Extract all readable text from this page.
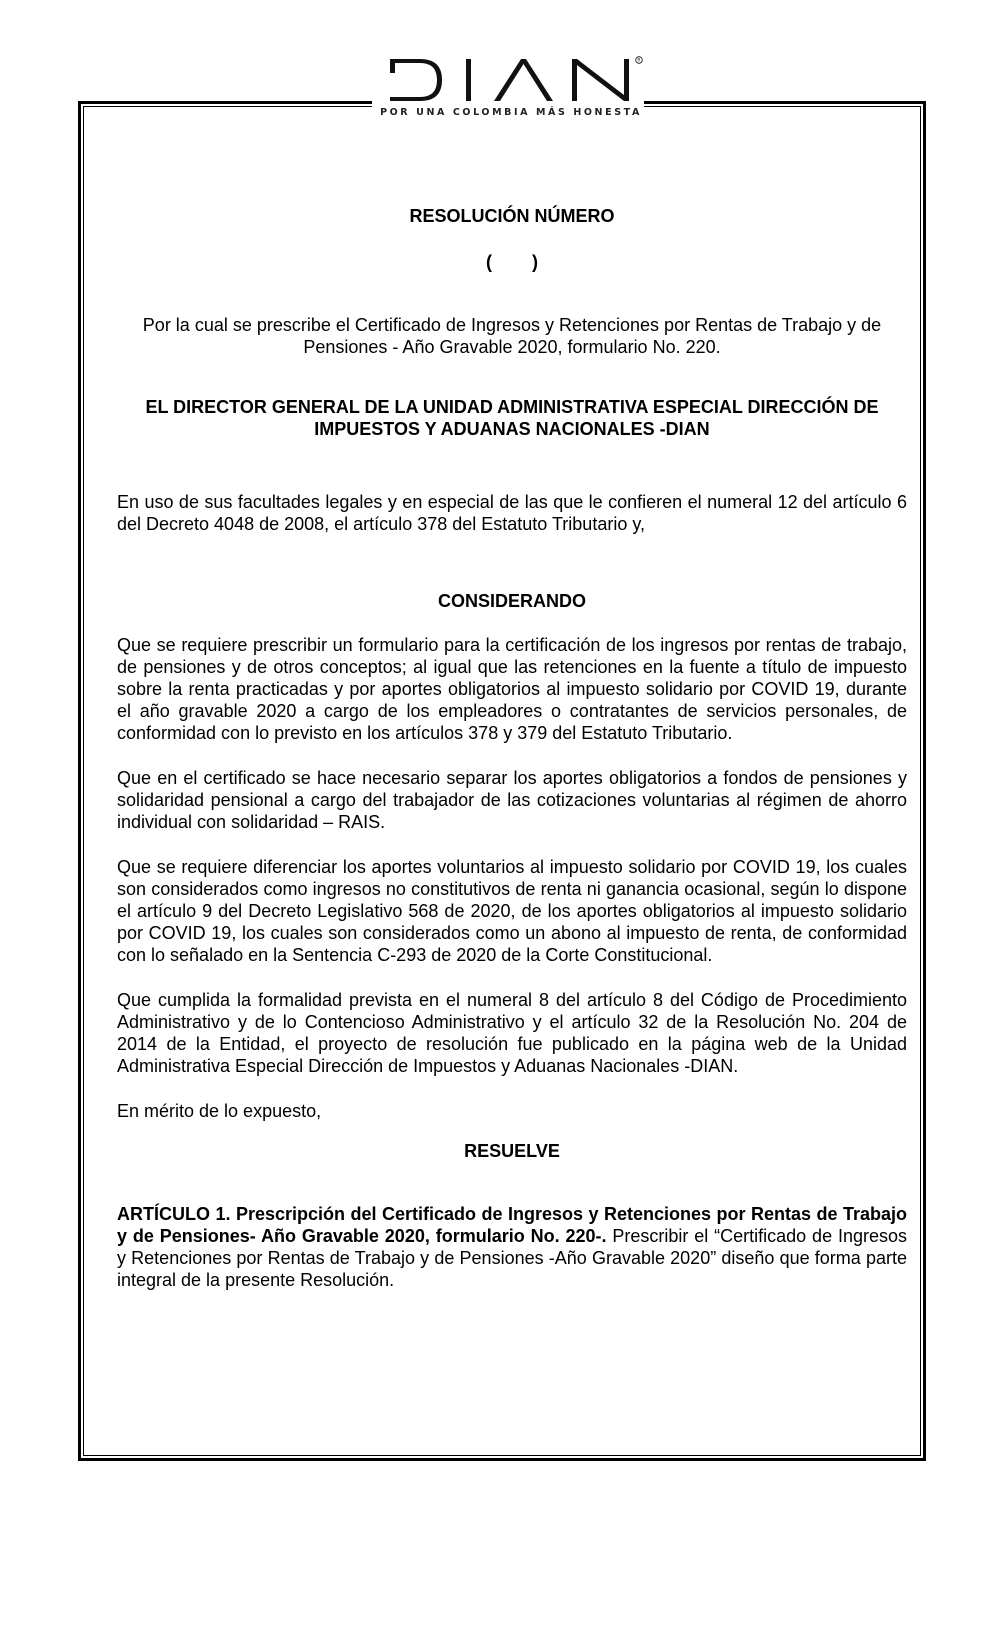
R
POR UNA COLOMBIA MÁS HONESTA

RESOLUCIÓN NÚMERO

(        )

Por la cual se prescribe el Certificado de Ingresos y Retenciones por Rentas de Trabajo y de Pensiones - Año Gravable 2020, formulario No. 220.

EL DIRECTOR GENERAL DE LA UNIDAD ADMINISTRATIVA ESPECIAL DIRECCIÓN DE IMPUESTOS Y ADUANAS NACIONALES -DIAN

En uso de sus facultades legales y en especial de las que le confieren el numeral 12 del artículo 6 del Decreto 4048 de 2008, el artículo 378 del Estatuto Tributario y,

CONSIDERANDO

Que se requiere prescribir un formulario para la certificación de los ingresos por rentas de trabajo, de pensiones y de otros conceptos; al igual que las retenciones en la fuente a título de impuesto sobre la renta practicadas y por aportes obligatorios al impuesto solidario por COVID 19, durante el año gravable 2020 a cargo de los empleadores o contratantes de servicios personales, de conformidad con lo previsto en los artículos 378 y 379 del Estatuto Tributario.

Que en el certificado se hace necesario separar los aportes obligatorios a fondos de pensiones y solidaridad pensional a cargo del trabajador de las cotizaciones voluntarias al régimen de ahorro individual con solidaridad – RAIS.

Que se requiere diferenciar los aportes voluntarios al impuesto solidario por COVID 19, los cuales son considerados como ingresos no constitutivos de renta ni ganancia ocasional, según lo dispone el artículo 9 del Decreto Legislativo 568 de 2020, de los aportes obligatorios al impuesto solidario por COVID 19, los cuales son considerados como un abono al impuesto de renta, de conformidad con lo señalado en la Sentencia C-293 de 2020 de la Corte Constitucional.

Que cumplida la formalidad prevista en el numeral 8 del artículo 8 del Código de Procedimiento Administrativo y de lo Contencioso Administrativo y el artículo 32 de la Resolución No. 204 de 2014 de la Entidad, el proyecto de resolución fue publicado en la página web de la Unidad Administrativa Especial Dirección de Impuestos y Aduanas Nacionales -DIAN.

En mérito de lo expuesto,

RESUELVE

ARTÍCULO 1. Prescripción del Certificado de Ingresos y Retenciones por Rentas de Trabajo y de Pensiones- Año Gravable 2020, formulario No. 220-. Prescribir el “Certificado de Ingresos y Retenciones por Rentas de Trabajo y de Pensiones -Año Gravable 2020” diseño que forma parte integral de la presente Resolución.
